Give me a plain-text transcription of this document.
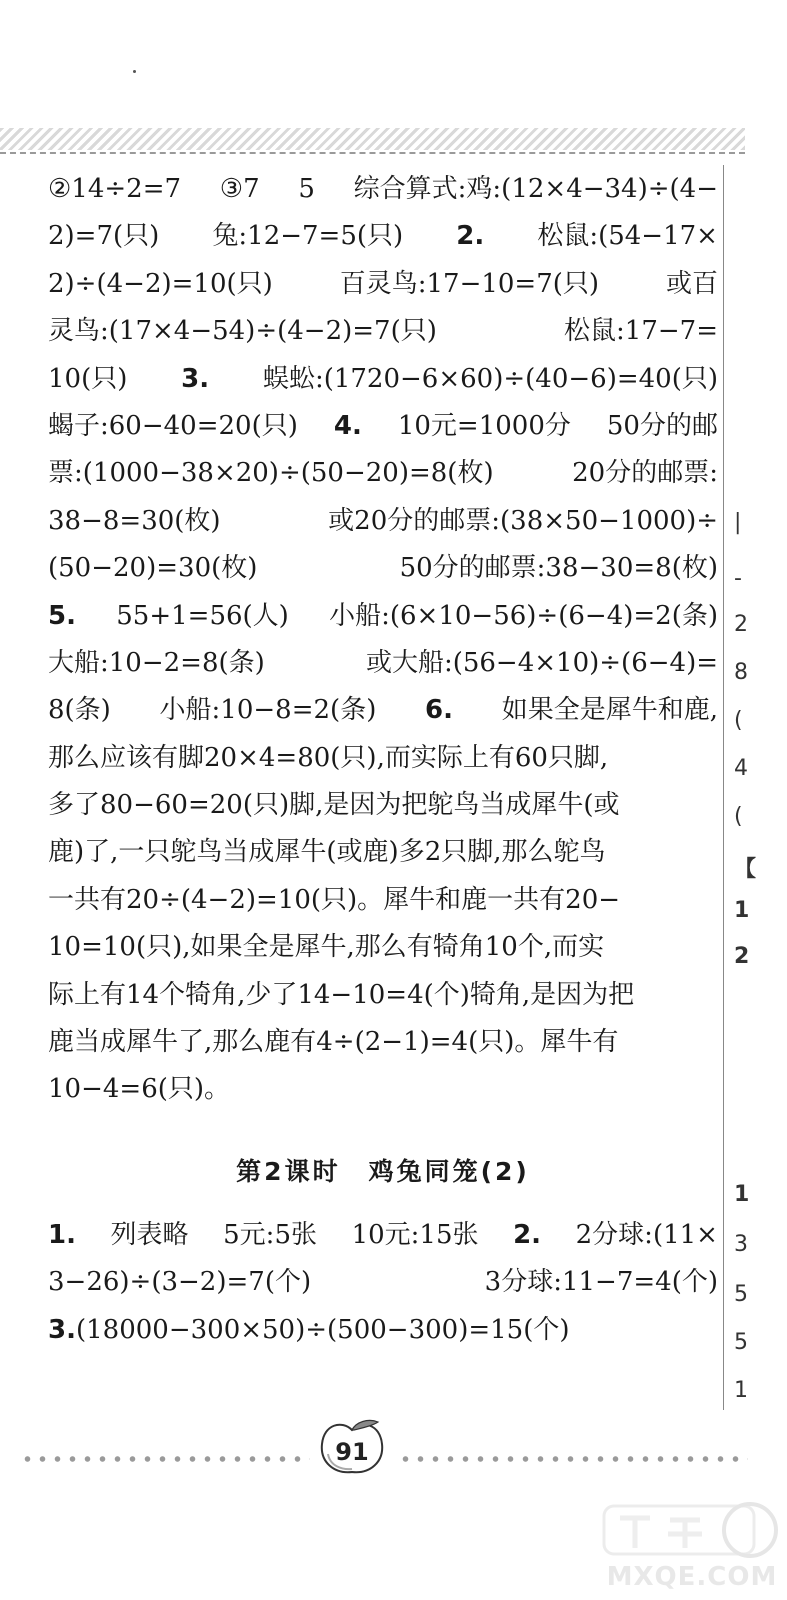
②14÷2=7 ③7 5 综合算式:鸡:(12×4−34)÷(4−
2)=7(只) 兔:12−7=5(只) 2. 松鼠:(54−17×
2)÷(4−2)=10(只)	百灵鸟:17−10=7(只)	或百
灵鸟:(17×4−54)÷(4−2)=7(只)	松鼠:17−7=
10(只) 3. 蜈蚣:(1720−6×60)÷(40−6)=40(只)
蝎子:60−40=20(只) 4. 10元=1000分 50分的邮
票:(1000−38×20)÷(50−20)=8(枚)	20分的邮票:
38−8=30(枚)	或20分的邮票:(38×50−1000)÷
(50−20)=30(枚)	50分的邮票:38−30=8(枚)
5. 55+1=56(人) 小船:(6×10−56)÷(6−4)=2(条)
大船:10−2=8(条)	或大船:(56−4×10)÷(6−4)=
8(条) 小船:10−8=2(条) 6. 如果全是犀牛和鹿,
那么应该有脚20×4=80(只),而实际上有60只脚,
多了80−60=20(只)脚,是因为把鸵鸟当成犀牛(或
鹿)了,一只鸵鸟当成犀牛(或鹿)多2只脚,那么鸵鸟
一共有20÷(4−2)=10(只)。犀牛和鹿一共有20−
10=10(只),如果全是犀牛,那么有犄角10个,而实
际上有14个犄角,少了14−10=4(个)犄角,是因为把
鹿当成犀牛了,那么鹿有4÷(2−1)=4(只)。犀牛有
10−4=6(只)。
第2课时　鸡兔同笼(2)
1. 列表略 5元:5张 10元:15张 2. 2分球:(11×
3−26)÷(3−2)=7(个)	3分球:11−7=4(个)
3. (18000−300×50)÷(500−300)=15(个)
91
|
-
2
8
(
4
(
【
1
2
1
3
5
5
1
MXQE.COM
